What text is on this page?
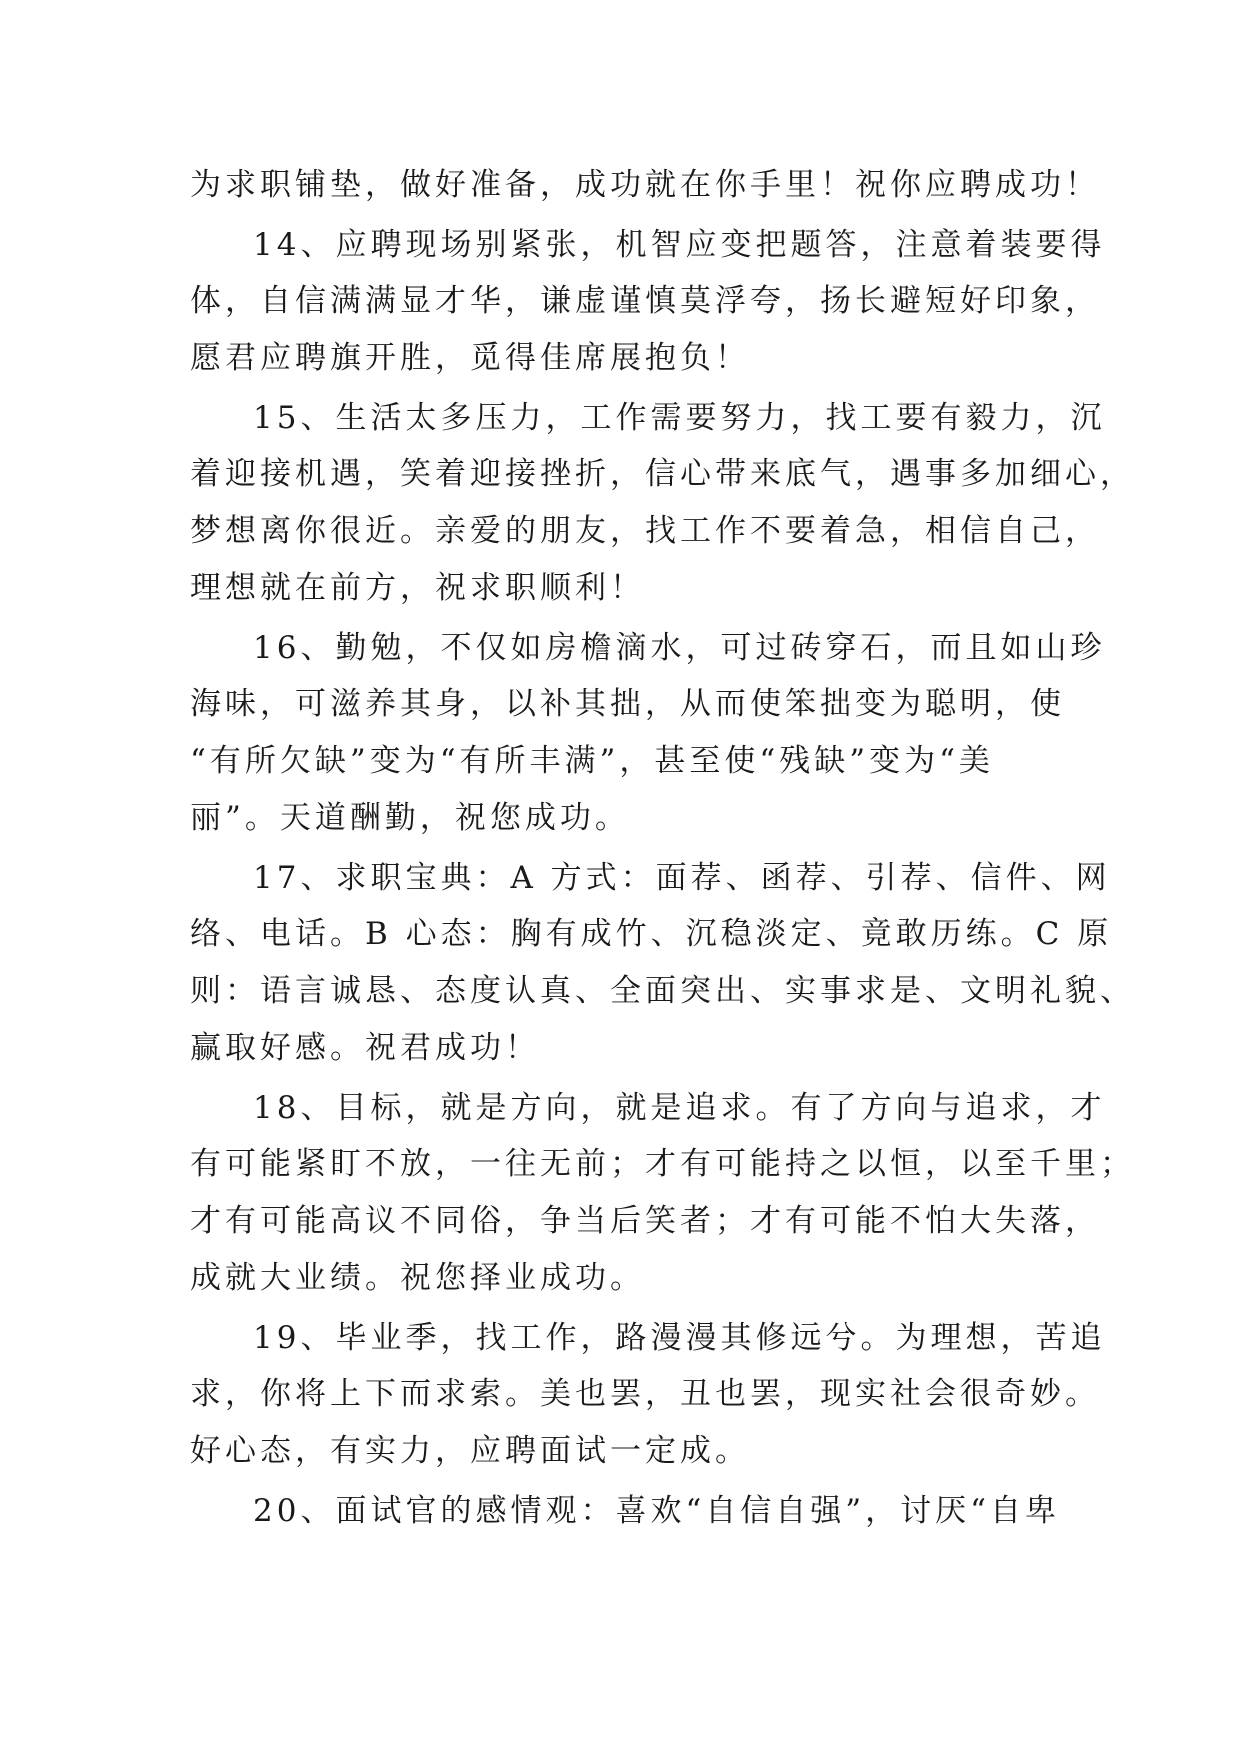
为求职铺垫，做好准备，成功就在你手里！祝你应聘成功！
14、应聘现场别紧张，机智应变把题答，注意着装要得
体，自信满满显才华，谦虚谨慎莫浮夸，扬长避短好印象，
愿君应聘旗开胜，觅得佳席展抱负！
15、生活太多压力，工作需要努力，找工要有毅力，沉
着迎接机遇，笑着迎接挫折，信心带来底气，遇事多加细心，
梦想离你很近。亲爱的朋友，找工作不要着急，相信自己，
理想就在前方，祝求职顺利！
16、勤勉，不仅如房檐滴水，可过砖穿石，而且如山珍
海味，可滋养其身，以补其拙，从而使笨拙变为聪明，使
“有所欠缺”变为“有所丰满”，甚至使“残缺”变为“美
丽”。天道酬勤，祝您成功。
17、求职宝典：A 方式：面荐、函荐、引荐、信件、网
络、电话。B 心态：胸有成竹、沉稳淡定、竟敢历练。C 原
则：语言诚恳、态度认真、全面突出、实事求是、文明礼貌、
赢取好感。祝君成功！
18、目标，就是方向，就是追求。有了方向与追求，才
有可能紧盯不放，一往无前；才有可能持之以恒，以至千里；
才有可能高议不同俗，争当后笑者；才有可能不怕大失落，
成就大业绩。祝您择业成功。
19、毕业季，找工作，路漫漫其修远兮。为理想，苦追
求，你将上下而求索。美也罢，丑也罢，现实社会很奇妙。
好心态，有实力，应聘面试一定成。
20、面试官的感情观：喜欢“自信自强”，讨厌“自卑
